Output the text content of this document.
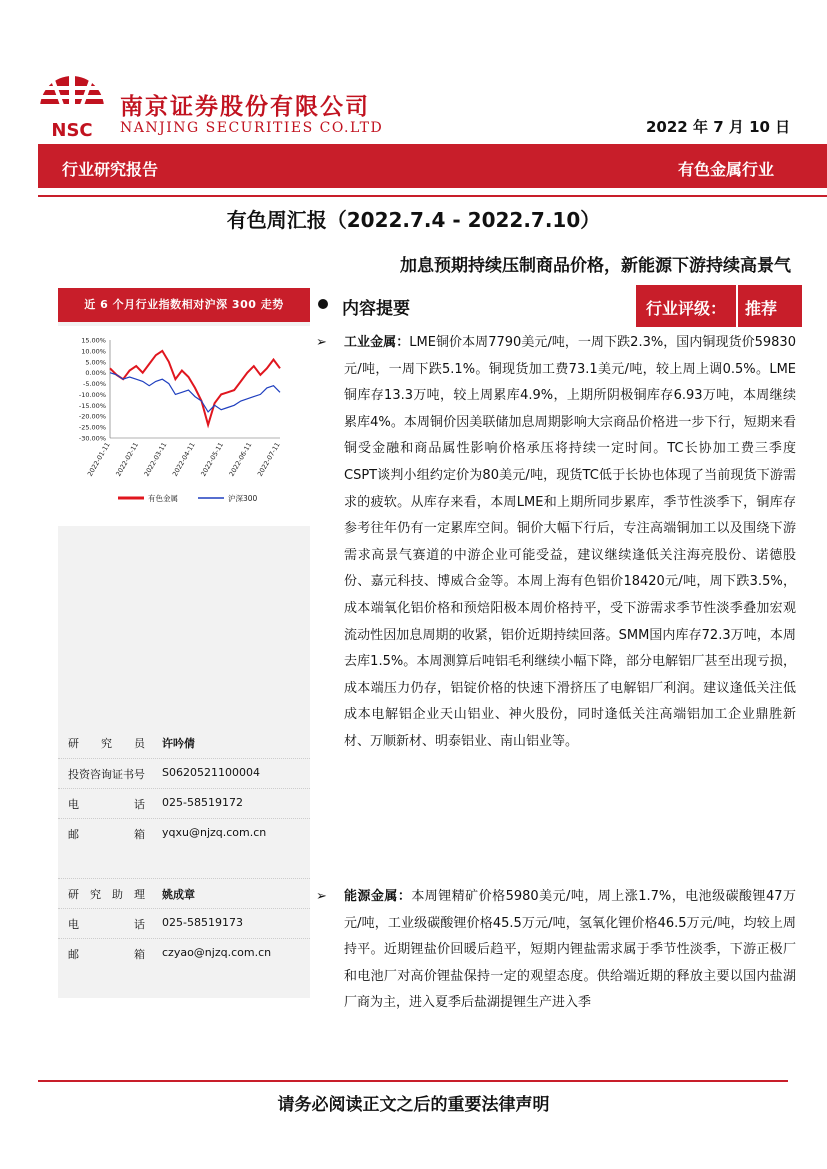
NSC
南京证券股份有限公司
NANJING SECURITIES CO.LTD	2022 年 7 月 10 日
行业研究报告	有色金属行业
有色周汇报（2022.7.4 - 2022.7.10）
加息预期持续压制商品价格，新能源下游持续高景气
近 6 个月行业指数相对沪深 300 走势
15.00%
10.00%
5.00%
0.00%
-5.00%
-10.00%
-15.00%
-20.00%
-25.00%
-30.00%
2022-01-11 2022-02-11 2022-03-11 2022-04-11 2022-05-11 2022-06-11 2022-07-11
有色金属	沪深300
研　　究　　员 许吟倩
投资咨询证书号 S0620521100004
电　　　　　话 025-58519172
邮　　　　　箱 yqxu@njzq.com.cn
研　究　助　理 姚成章
电　　　　　话 025-58519173
邮　　　　　箱 czyao@njzq.com.cn
内容提要	行业评级： 推荐
➢	工业金属：LME铜价本周7790美元/吨，一周下跌2.3%，国内铜现货价59830元/吨，一周下跌5.1%。铜现货加工费73.1美元/吨，较上周上调0.5%。LME铜库存13.3万吨，较上周累库4.9%，上期所阴极铜库存6.93万吨，本周继续累库4%。本周铜价因美联储加息周期影响大宗商品价格进一步下行，短期来看铜受金融和商品属性影响价格承压将持续一定时间。TC长协加工费三季度CSPT谈判小组约定价为80美元/吨，现货TC低于长协也体现了当前现货下游需求的疲软。从库存来看，本周LME和上期所同步累库，季节性淡季下，铜库存参考往年仍有一定累库空间。铜价大幅下行后，专注高端铜加工以及围绕下游需求高景气赛道的中游企业可能受益，建议继续逢低关注海亮股份、诺德股份、嘉元科技、博威合金等。本周上海有色铝价18420元/吨，周下跌3.5%，成本端氧化铝价格和预焙阳极本周价格持平，受下游需求季节性淡季叠加宏观流动性因加息周期的收紧，铝价近期持续回落。SMM国内库存72.3万吨，本周去库1.5%。本周测算后吨铝毛利继续小幅下降，部分电解铝厂甚至出现亏损，成本端压力仍存，铝锭价格的快速下滑挤压了电解铝厂利润。建议逢低关注低成本电解铝企业天山铝业、神火股份，同时逢低关注高端铝加工企业鼎胜新材、万顺新材、明泰铝业、南山铝业等。

➢	能源金属：本周锂精矿价格5980美元/吨，周上涨1.7%，电池级碳酸锂47万元/吨，工业级碳酸锂价格45.5万元/吨，氢氧化锂价格46.5万元/吨，均较上周持平。近期锂盐价回暖后趋平，短期内锂盐需求属于季节性淡季，下游正极厂和电池厂对高价锂盐保持一定的观望态度。供给端近期的释放主要以国内盐湖厂商为主，进入夏季后盐湖提锂生产进入季

请务必阅读正文之后的重要法律声明
